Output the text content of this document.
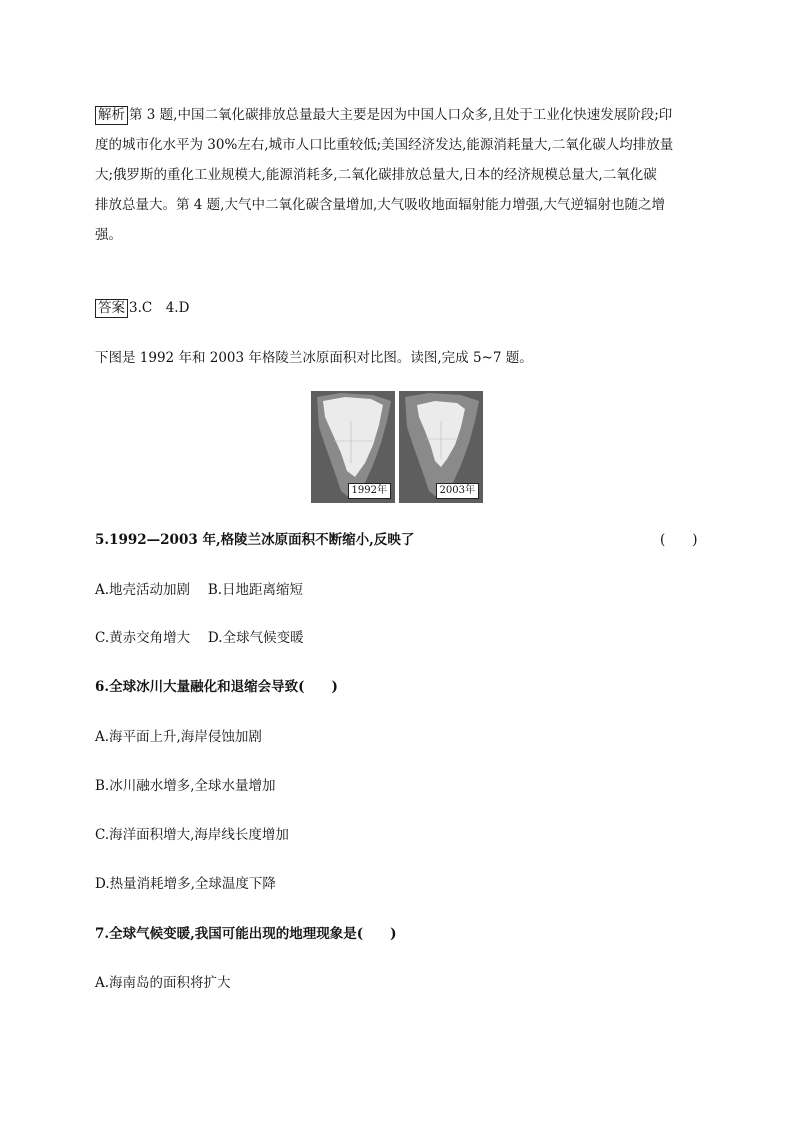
解析 第 3 题,中国二氧化碳排放总量最大主要是因为中国人口众多,且处于工业化快速发展阶段;印
度的城市化水平为 30%左右,城市人口比重较低;美国经济发达,能源消耗量大,二氧化碳人均排放量
大;俄罗斯的重化工业规模大,能源消耗多,二氧化碳排放总量大,日本的经济规模总量大,二氧化碳
排放总量大。第 4 题,大气中二氧化碳含量增加,大气吸收地面辐射能力增强,大气逆辐射也随之增
强。
答案 3.C　4.D
下图是 1992 年和 2003 年格陵兰冰原面积对比图。读图,完成 5~7 题。
1992年	2003年
5.1992—2003 年,格陵兰冰原面积不断缩小,反映了	(　　)
A.地壳活动加剧　 B.日地距离缩短
C.黄赤交角增大　 D.全球气候变暖
6.全球冰川大量融化和退缩会导致(　　)
A.海平面上升,海岸侵蚀加剧
B.冰川融水增多,全球水量增加
C.海洋面积增大,海岸线长度增加
D.热量消耗增多,全球温度下降
7.全球气候变暖,我国可能出现的地理现象是(　　)
A.海南岛的面积将扩大
